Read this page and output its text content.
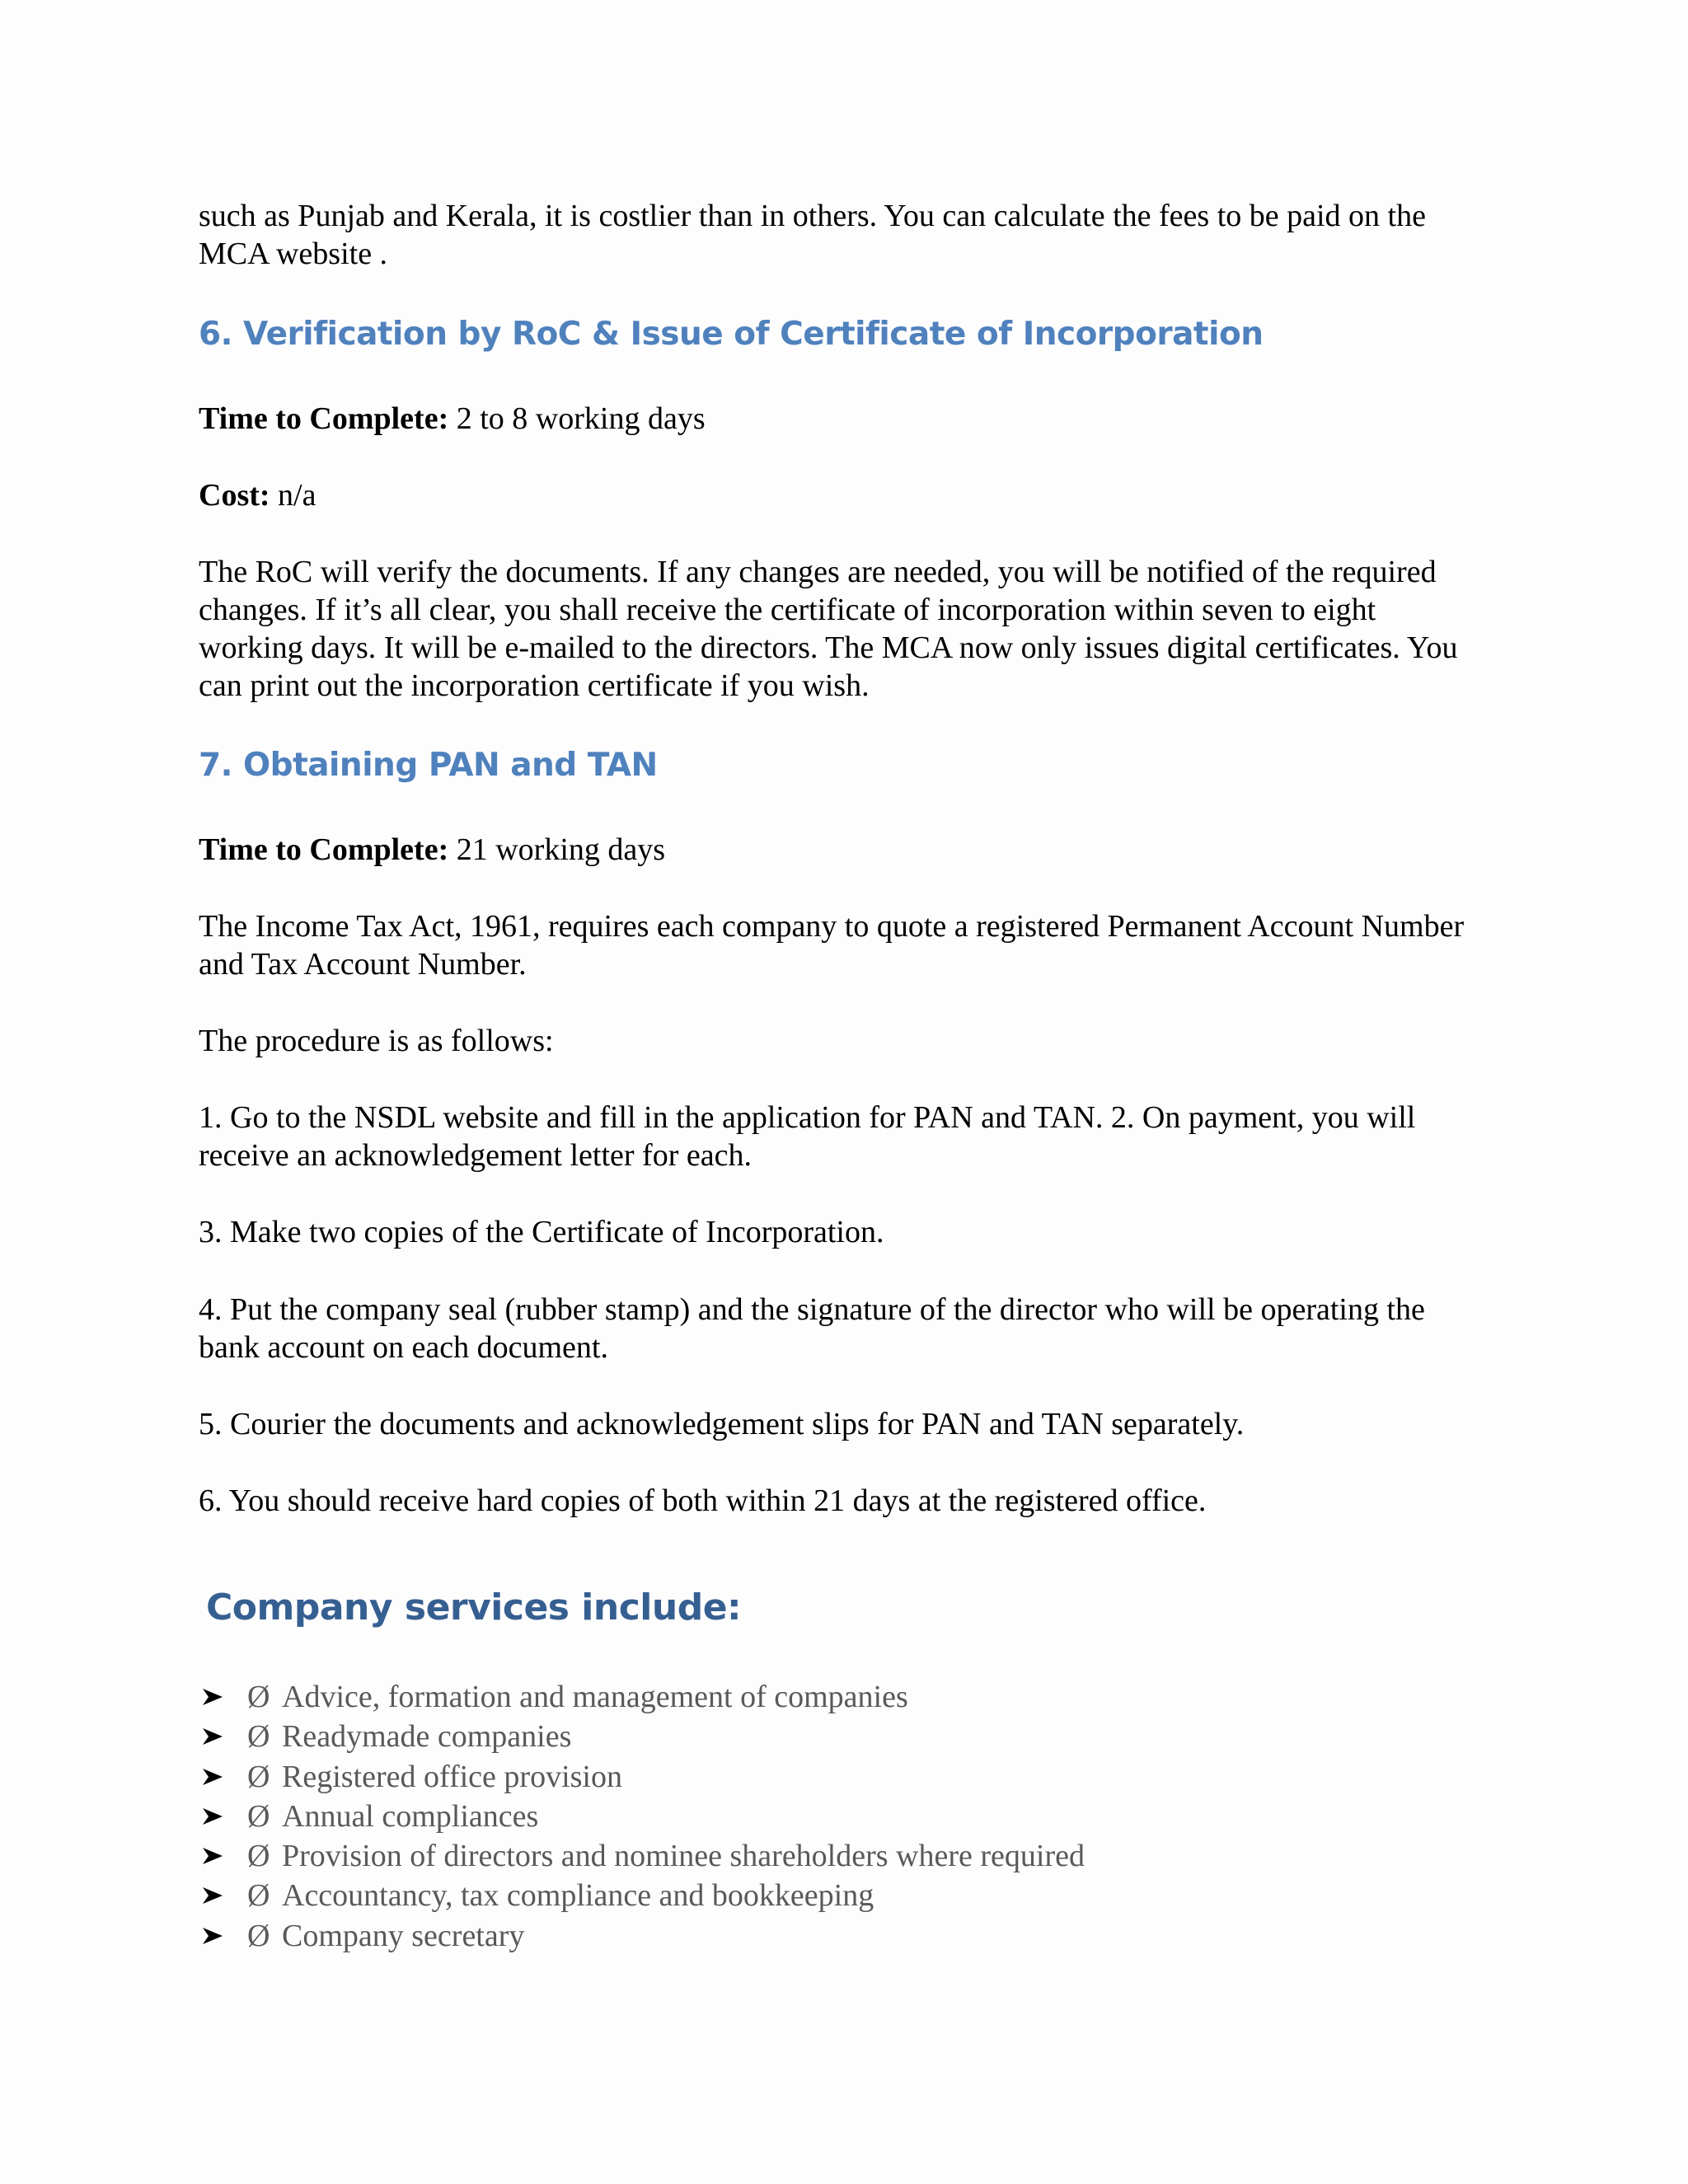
such as Punjab and Kerala, it is costlier than in others. You can calculate the fees to be paid on the MCA website .

6. Verification by RoC & Issue of Certificate of Incorporation

Time to Complete: 2 to 8 working days

Cost: n/a

The RoC will verify the documents. If any changes are needed, you will be notified of the required changes. If it’s all clear, you shall receive the certificate of incorporation within seven to eight working days. It will be e-mailed to the directors. The MCA now only issues digital certificates. You can print out the incorporation certificate if you wish.

7. Obtaining PAN and TAN

Time to Complete: 21 working days

The Income Tax Act, 1961, requires each company to quote a registered Permanent Account Number and Tax Account Number.

The procedure is as follows:

1. Go to the NSDL website and fill in the application for PAN and TAN. 2. On payment, you will receive an acknowledgement letter for each.

3. Make two copies of the Certificate of Incorporation.

4. Put the company seal (rubber stamp) and the signature of the director who will be operating the bank account on each document.

5. Courier the documents and acknowledgement slips for PAN and TAN separately.

6. You should receive hard copies of both within 21 days at the registered office.

Company services include:
Ø Advice, formation and management of companies
Ø Readymade companies
Ø Registered office provision
Ø Annual compliances
Ø Provision of directors and nominee shareholders where required
Ø Accountancy, tax compliance and bookkeeping
Ø Company secretary
